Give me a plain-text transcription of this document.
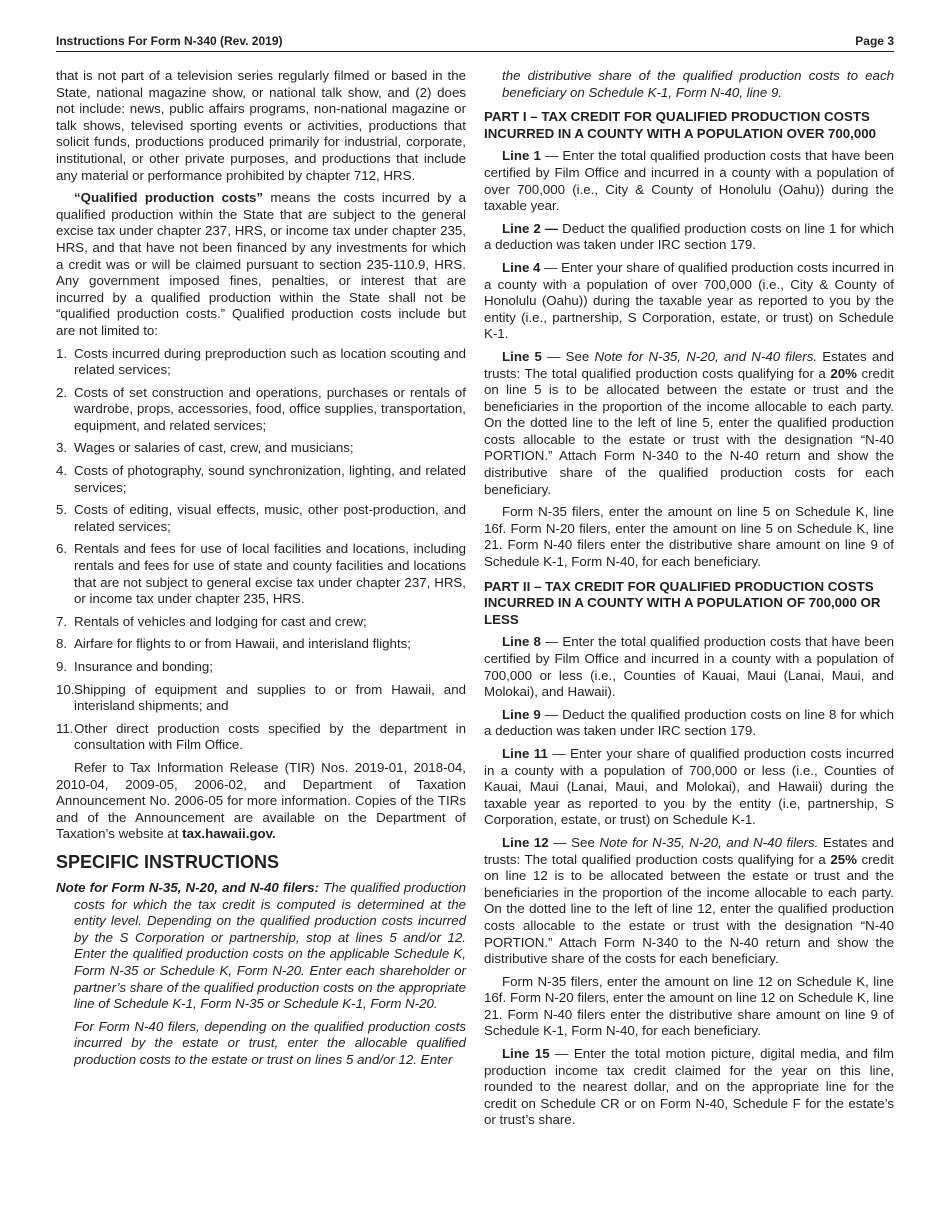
Instructions For Form N-340 (Rev. 2019)	Page 3

that is not part of a television series regularly filmed or based in the State, national magazine show, or national talk show, and (2) does not include: news, public affairs programs, non-national magazine or talk shows, televised sporting events or activities, productions that solicit funds, productions produced primarily for industrial, corporate, institutional, or other private purposes, and productions that include any material or performance prohibited by chapter 712, HRS.

“Qualified production costs” means the costs incurred by a qualified production within the State that are subject to the general excise tax under chapter 237, HRS, or income tax under chapter 235, HRS, and that have not been financed by any investments for which a credit was or will be claimed pursuant to section 235-110.9, HRS. Any government imposed fines, penalties, or interest that are incurred by a qualified production within the State shall not be “qualified production costs.” Qualified production costs include but are not limited to:

1. Costs incurred during preproduction such as location scouting and related services;
2. Costs of set construction and operations, purchases or rentals of wardrobe, props, accessories, food, office supplies, transportation, equipment, and related services;
3. Wages or salaries of cast, crew, and musicians;
4. Costs of photography, sound synchronization, lighting, and related services;
5. Costs of editing, visual effects, music, other post-production, and related services;
6. Rentals and fees for use of local facilities and locations, including rentals and fees for use of state and county facilities and locations that are not subject to general excise tax under chapter 237, HRS, or income tax under chapter 235, HRS.
7. Rentals of vehicles and lodging for cast and crew;
8. Airfare for flights to or from Hawaii, and interisland flights;
9. Insurance and bonding;
10. Shipping of equipment and supplies to or from Hawaii, and interisland shipments; and
11. Other direct production costs specified by the department in consultation with Film Office.

Refer to Tax Information Release (TIR) Nos. 2019-01, 2018-04, 2010-04, 2009-05, 2006-02, and Department of Taxation Announcement No. 2006-05 for more information. Copies of the TIRs and of the Announcement are available on the Department of Taxation’s website at tax.hawaii.gov.

SPECIFIC INSTRUCTIONS

Note for Form N-35, N-20, and N-40 filers: The qualified production costs for which the tax credit is computed is determined at the entity level. Depending on the qualified production costs incurred by the S Corporation or partnership, stop at lines 5 and/or 12. Enter the qualified production costs on the applicable Schedule K, Form N-35 or Schedule K, Form N-20. Enter each shareholder or partner’s share of the qualified production costs on the appropriate line of Schedule K-1, Form N-35 or Schedule K-1, Form N-20.

For Form N-40 filers, depending on the qualified production costs incurred by the estate or trust, enter the allocable qualified production costs to the estate or trust on lines 5 and/or 12. Enter

the distributive share of the qualified production costs to each beneficiary on Schedule K-1, Form N-40, line 9.

PART I – TAX CREDIT FOR QUALIFIED PRODUCTION COSTS INCURRED IN A COUNTY WITH A POPULATION OVER 700,000

Line 1 — Enter the total qualified production costs that have been certified by Film Office and incurred in a county with a population of over 700,000 (i.e., City & County of Honolulu (Oahu)) during the taxable year.

Line 2 — Deduct the qualified production costs on line 1 for which a deduction was taken under IRC section 179.

Line 4 — Enter your share of qualified production costs incurred in a county with a population of over 700,000 (i.e., City & County of Honolulu (Oahu)) during the taxable year as reported to you by the entity (i.e., partnership, S Corporation, estate, or trust) on Schedule K-1.

Line 5 — See Note for N-35, N-20, and N-40 filers. Estates and trusts: The total qualified production costs qualifying for a 20% credit on line 5 is to be allocated between the estate or trust and the beneficiaries in the proportion of the income allocable to each party. On the dotted line to the left of line 5, enter the qualified production costs allocable to the estate or trust with the designation “N-40 PORTION.” Attach Form N-340 to the N-40 return and show the distributive share of the qualified production costs for each beneficiary.

Form N-35 filers, enter the amount on line 5 on Schedule K, line 16f. Form N-20 filers, enter the amount on line 5 on Schedule K, line 21. Form N-40 filers enter the distributive share amount on line 9 of Schedule K-1, Form N-40, for each beneficiary.

PART II – TAX CREDIT FOR QUALIFIED PRODUCTION COSTS INCURRED IN A COUNTY WITH A POPULATION OF 700,000 OR LESS

Line 8 — Enter the total qualified production costs that have been certified by Film Office and incurred in a county with a population of 700,000 or less (i.e., Counties of Kauai, Maui (Lanai, Maui, and Molokai), and Hawaii).

Line 9 — Deduct the qualified production costs on line 8 for which a deduction was taken under IRC section 179.

Line 11 — Enter your share of qualified production costs incurred in a county with a population of 700,000 or less (i.e., Counties of Kauai, Maui (Lanai, Maui, and Molokai), and Hawaii) during the taxable year as reported to you by the entity (i.e, partnership, S Corporation, estate, or trust) on Schedule K-1.

Line 12 — See Note for N-35, N-20, and N-40 filers. Estates and trusts: The total qualified production costs qualifying for a 25% credit on line 12 is to be allocated between the estate or trust and the beneficiaries in the proportion of the income allocable to each party. On the dotted line to the left of line 12, enter the qualified production costs allocable to the estate or trust with the designation “N-40 PORTION.” Attach Form N-340 to the N-40 return and show the distributive share of the costs for each beneficiary.

Form N-35 filers, enter the amount on line 12 on Schedule K, line 16f. Form N-20 filers, enter the amount on line 12 on Schedule K, line 21. Form N-40 filers enter the distributive share amount on line 9 of Schedule K-1, Form N-40, for each beneficiary.

Line 15 — Enter the total motion picture, digital media, and film production income tax credit claimed for the year on this line, rounded to the nearest dollar, and on the appropriate line for the credit on Schedule CR or on Form N-40, Schedule F for the estate’s or trust’s share.
